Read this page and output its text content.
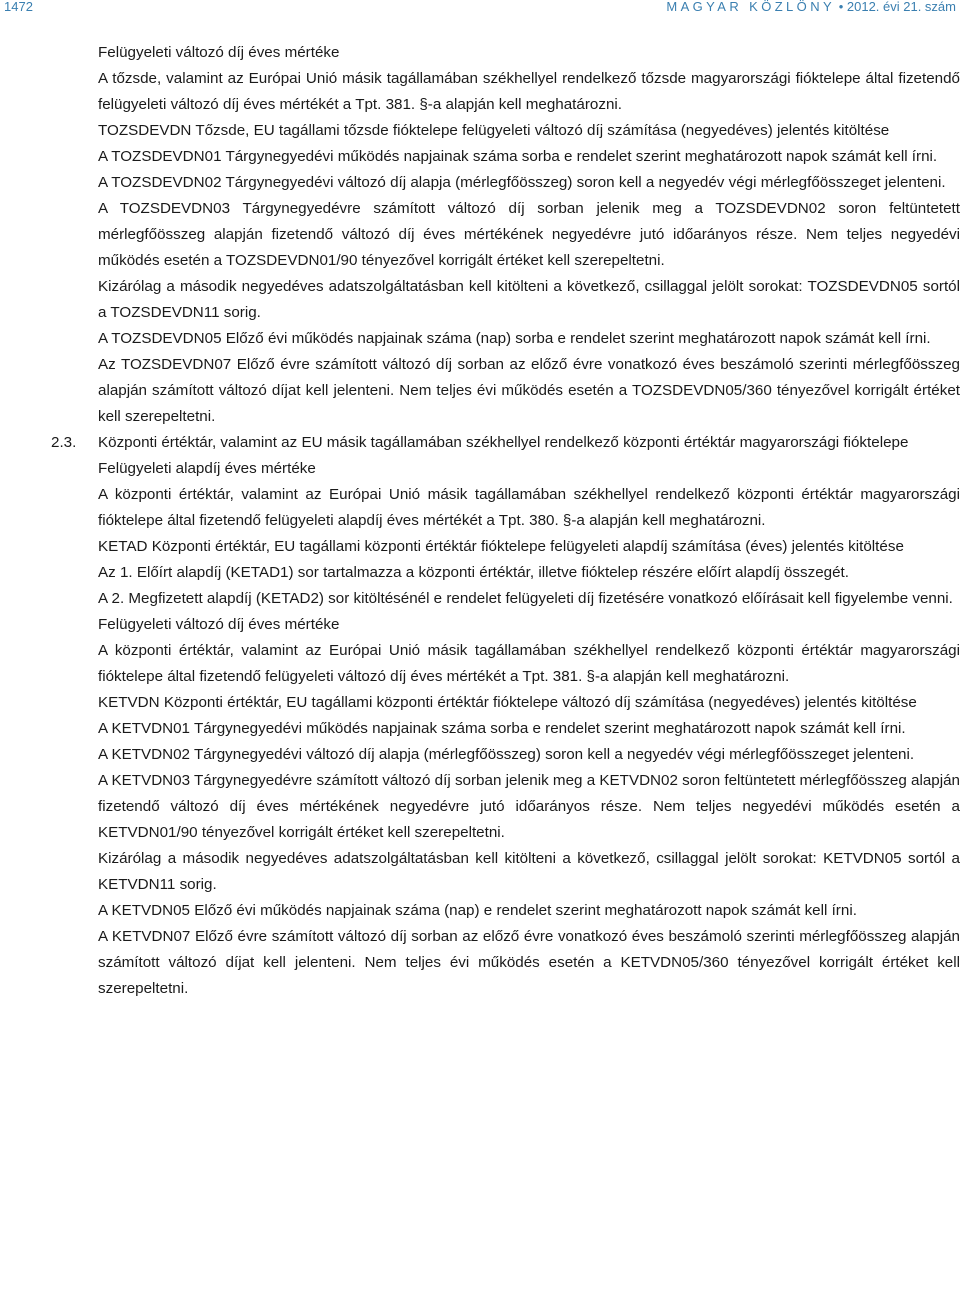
1472	MAGYAR KÖZLÖNY • 2012. évi 21. szám

Felügyeleti változó díj éves mértéke

A tőzsde, valamint az Európai Unió másik tagállamában székhellyel rendelkező tőzsde magyarországi fióktelepe által fizetendő felügyeleti változó díj éves mértékét a Tpt. 381. §-a alapján kell meghatározni.

TOZSDEVDN Tőzsde, EU tagállami tőzsde fióktelepe felügyeleti változó díj számítása (negyedéves) jelentés kitöltése

A TOZSDEVDN01 Tárgynegyedévi működés napjainak száma sorba e rendelet szerint meghatározott napok számát kell írni.

A TOZSDEVDN02 Tárgynegyedévi változó díj alapja (mérlegfőösszeg) soron kell a negyedév végi mérlegfőösszeget jelenteni.

A TOZSDEVDN03 Tárgynegyedévre számított változó díj sorban jelenik meg a TOZSDEVDN02 soron feltüntetett mérlegfőösszeg alapján fizetendő változó díj éves mértékének negyedévre jutó időarányos része. Nem teljes negyedévi működés esetén a TOZSDEVDN01/90 tényezővel korrigált értéket kell szerepeltetni.

Kizárólag a második negyedéves adatszolgáltatásban kell kitölteni a következő, csillaggal jelölt sorokat: TOZSDEVDN05 sortól a TOZSDEVDN11 sorig.

A TOZSDEVDN05 Előző évi működés napjainak száma (nap) sorba e rendelet szerint meghatározott napok számát kell írni.

Az TOZSDEVDN07 Előző évre számított változó díj sorban az előző évre vonatkozó éves beszámoló szerinti mérlegfőösszeg alapján számított változó díjat kell jelenteni. Nem teljes évi működés esetén a TOZSDEVDN05/360 tényezővel korrigált értéket kell szerepeltetni.

2.3. Központi értéktár, valamint az EU másik tagállamában székhellyel rendelkező központi értéktár magyarországi fióktelepe

Felügyeleti alapdíj éves mértéke

A központi értéktár, valamint az Európai Unió másik tagállamában székhellyel rendelkező központi értéktár magyarországi fióktelepe által fizetendő felügyeleti alapdíj éves mértékét a Tpt. 380. §-a alapján kell meghatározni.

KETAD Központi értéktár, EU tagállami központi értéktár fióktelepe felügyeleti alapdíj számítása (éves) jelentés kitöltése

Az 1. Előírt alapdíj (KETAD1) sor tartalmazza a központi értéktár, illetve fióktelep részére előírt alapdíj összegét.

A 2. Megfizetett alapdíj (KETAD2) sor kitöltésénél e rendelet felügyeleti díj fizetésére vonatkozó előírásait kell figyelembe venni.

Felügyeleti változó díj éves mértéke

A központi értéktár, valamint az Európai Unió másik tagállamában székhellyel rendelkező központi értéktár magyarországi fióktelepe által fizetendő felügyeleti változó díj éves mértékét a Tpt. 381. §-a alapján kell meghatározni.

KETVDN Központi értéktár, EU tagállami központi értéktár fióktelepe változó díj számítása (negyedéves) jelentés kitöltése

A KETVDN01 Tárgynegyedévi működés napjainak száma sorba e rendelet szerint meghatározott napok számát kell írni.

A KETVDN02 Tárgynegyedévi változó díj alapja (mérlegfőösszeg) soron kell a negyedév végi mérlegfőösszeget jelenteni.

A KETVDN03 Tárgynegyedévre számított változó díj sorban jelenik meg a KETVDN02 soron feltüntetett mérlegfőösszeg alapján fizetendő változó díj éves mértékének negyedévre jutó időarányos része. Nem teljes negyedévi működés esetén a KETVDN01/90 tényezővel korrigált értéket kell szerepeltetni.

Kizárólag a második negyedéves adatszolgáltatásban kell kitölteni a következő, csillaggal jelölt sorokat: KETVDN05 sortól a KETVDN11 sorig.

A KETVDN05 Előző évi működés napjainak száma (nap) e rendelet szerint meghatározott napok számát kell írni.

A KETVDN07 Előző évre számított változó díj sorban az előző évre vonatkozó éves beszámoló szerinti mérlegfőösszeg alapján számított változó díjat kell jelenteni. Nem teljes évi működés esetén a KETVDN05/360 tényezővel korrigált értéket kell szerepeltetni.
